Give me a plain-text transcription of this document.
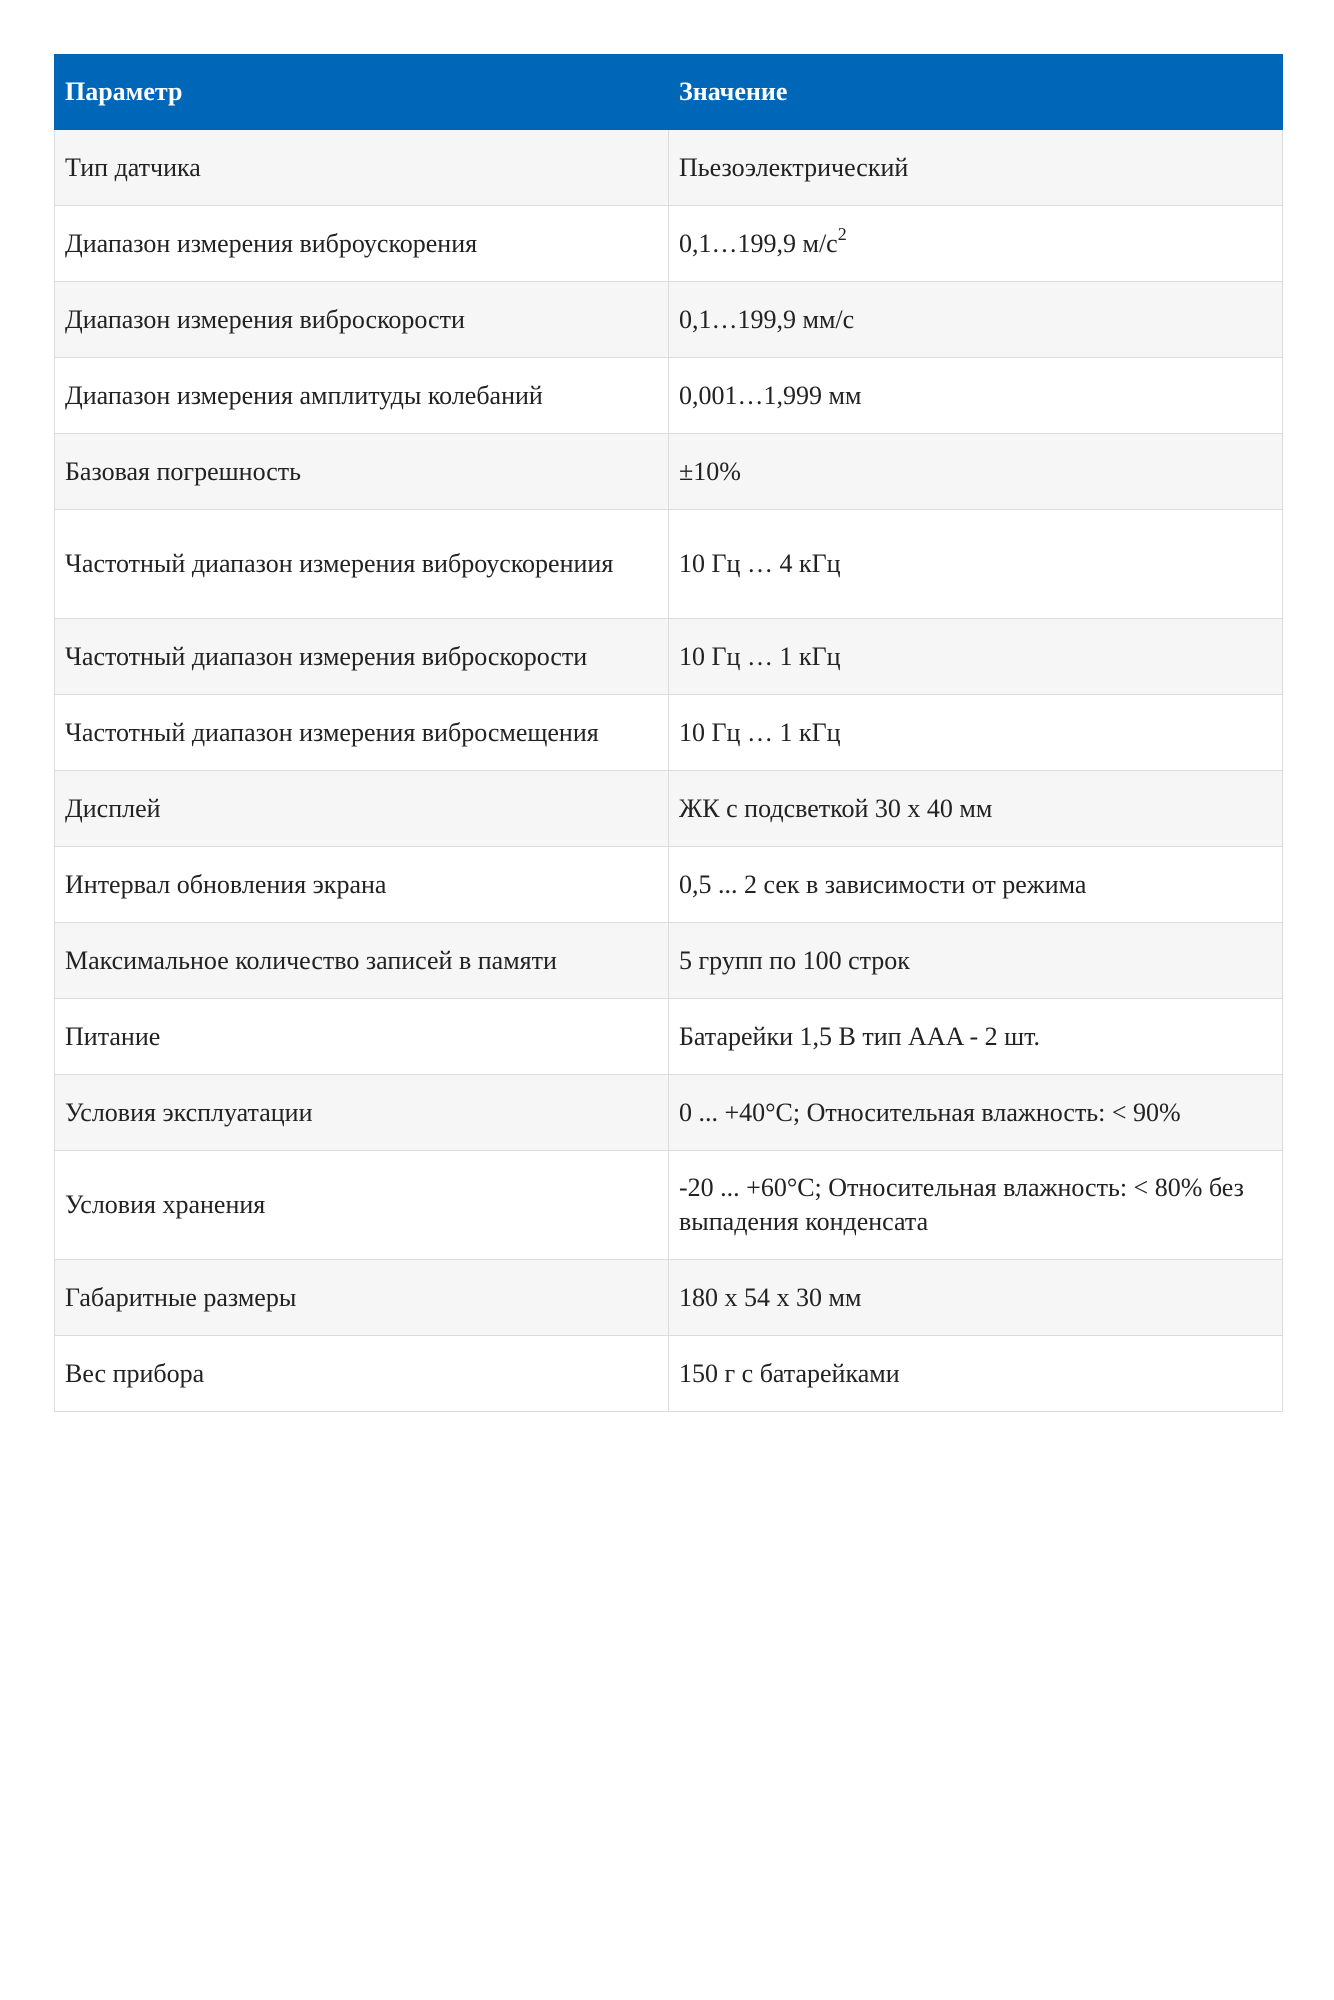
Параметр	Значение
Тип датчика	Пьезоэлектрический
Диапазон измерения виброускорения	0,1…199,9 $м/с^2$
Диапазон измерения виброскорости	0,1…199,9 мм/с
Диапазон измерения амплитуды колебаний	0,001…1,999 мм
Базовая погрешность	±10%
Частотный диапазон измерения виброускорениия	10 Гц … 4 кГц
Частотный диапазон измерения виброскорости	10 Гц … 1 кГц
Частотный диапазон измерения вибросмещения	10 Гц … 1 кГц
Дисплей	ЖК с подсветкой 30 х 40 мм
Интервал обновления экрана	0,5 ... 2 сек в зависимости от режима
Максимальное количество записей в памяти	5 групп по 100 строк
Питание	Батарейки 1,5 В тип AAA - 2 шт.
Условия эксплуатации	0 ... +40°С; Относительная влажность: < 90%
Условия хранения	-20 ... +60°С; Относительная влажность: < 80% без выпадения конденсата
Габаритные размеры	180 х 54 х 30 мм
Вес прибора	150 г с батарейками
